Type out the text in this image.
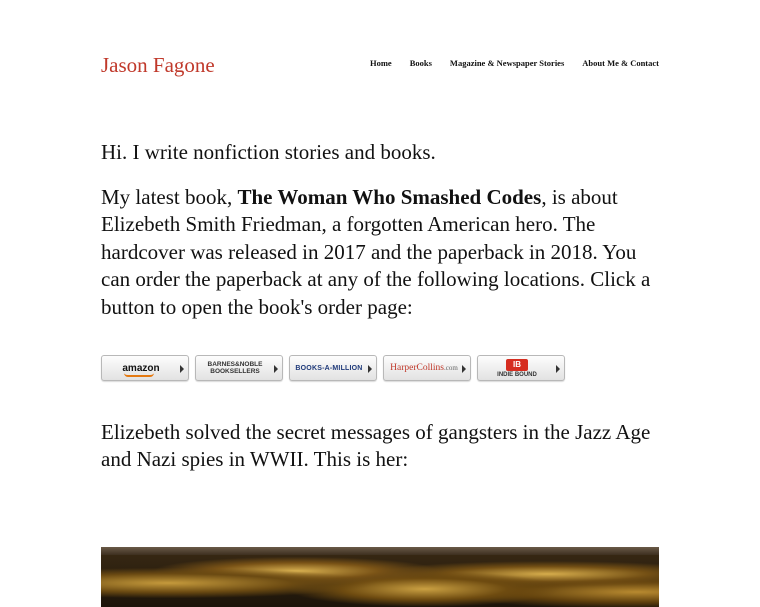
Jason Fagone	Home Books Magazine & Newspaper Stories About Me & Contact

Hi. I write nonfiction stories and books.

My latest book, The Woman Who Smashed Codes, is about Elizebeth Smith Friedman, a forgotten American hero. The hardcover was released in 2017 and the paperback in 2018. You can order the paperback at any of the following locations. Click a button to open the book's order page:

amazon	BARNES&NOBLE
BOOKSELLERS	BOOKS-A-MILLION	HarperCollins.com	IB
INDIE BOUND

Elizebeth solved the secret messages of gangsters in the Jazz Age and Nazi spies in WWII. This is her:
